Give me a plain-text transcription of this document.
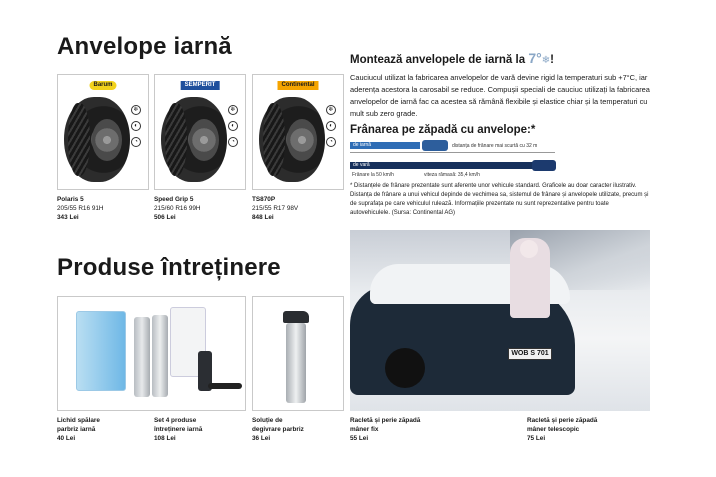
Anvelope iarnă
Produse întreținere
Barum
❄
◐
◔
SEMPERIT
❄
◐
◔
Continental
❄
◐
◔
Polaris 5
205/55 R16 91H
343 Lei
Speed Grip 5
215/60 R16 99H
506 Lei
TS870P
215/55 R17 98V
848 Lei
Montează anvelopele de iarnă la 7°❄!
Cauciucul utilizat la fabricarea anvelopelor de vară devine rigid la temperaturi sub +7°C, iar aderența acestora la carosabil se reduce. Compușii speciali de cauciuc utilizați la fabricarea anvelopelor de iarnă fac ca acestea să rămână flexibile și elastice chiar și la temperaturi cu mult sub zero grade.
Frânarea pe zăpadă cu anvelope:*
de iarnă	distanța de frânare mai scurtă cu 32 m
de vară
Frânare la 50 km/h	viteza rămasă: 35,4 km/h
* Distanțele de frânare prezentate sunt aferente unor vehicule standard. Graficele au doar caracter ilustrativ. Distanța de frânare a unui vehicul depinde de vechimea sa, sistemul de frânare și anvelopele utilizate, precum și de suprafața pe care vehiculul rulează. Informațiile prezentate nu sunt reprezentative pentru toate autovehiculele. (Sursa: Continental AG)
WOB S 701
Lichid spălare
parbriz iarnă
40 Lei
Set 4 produse
întreținere iarnă
108 Lei
Soluție de
degivrare parbriz
36 Lei
Racletă și perie zăpadă
mâner fix
55 Lei
Racletă și perie zăpadă
mâner telescopic
75 Lei
